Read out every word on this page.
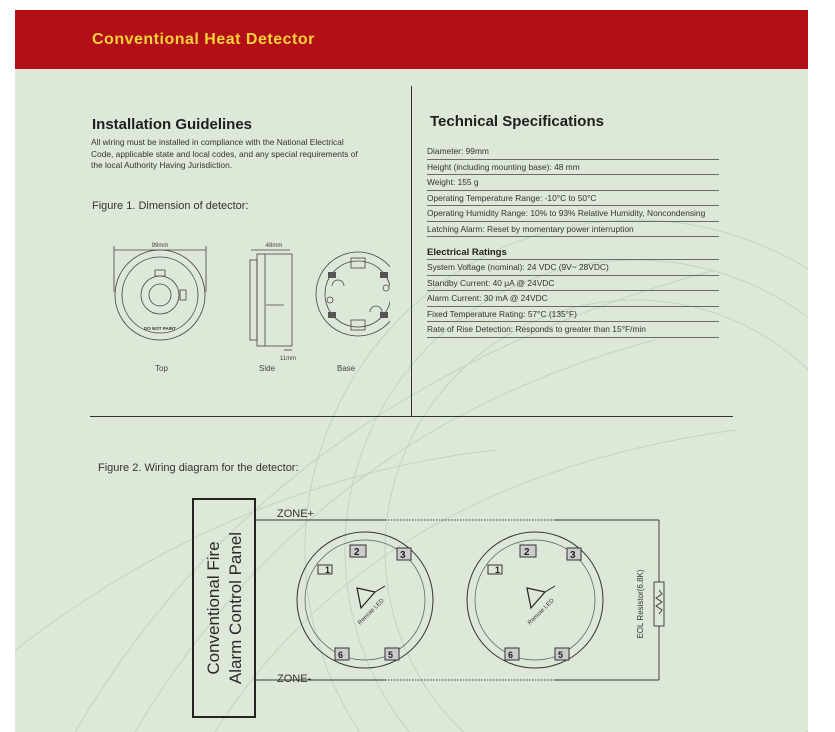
Conventional Heat Detector
Installation Guidelines
All wiring must be installed in compliance with the National Electrical
Code, applicable state and local codes, and any special requirements of
the local Authority Having Jurisdiction.
Figure 1. Dimension of detector:
99mm	48mm
11mm
DO NOT PAINT
Top	Side	Base
Technical Specifications
Diameter: 99mm
Height (including mounting base): 48 mm
Weight: 155 g
Operating Temperature Range: -10°C to 50°C
Operating Humidity Range: 10% to 93% Relative Humidity, Noncondensing
Latching Alarm: Reset by momentary power interruption
Electrical Ratings
System Voltage (nominal): 24 VDC (9V~ 28VDC)
Standby Current: 40 μA @ 24VDC
Alarm Current: 30 mA @ 24VDC
Fixed Temperature Rating: 57°C (135°F)
Rate of Rise Detection: Responds to greater than 15°F/min
Figure 2. Wiring diagram for the detector:
Conventional Fire Alarm Control Panel
ZONE+
ZONE-
EOL Resistor(6.8K)
1
2	3
6	5
Remote LED
1
2	3
6	5
Remote LED
